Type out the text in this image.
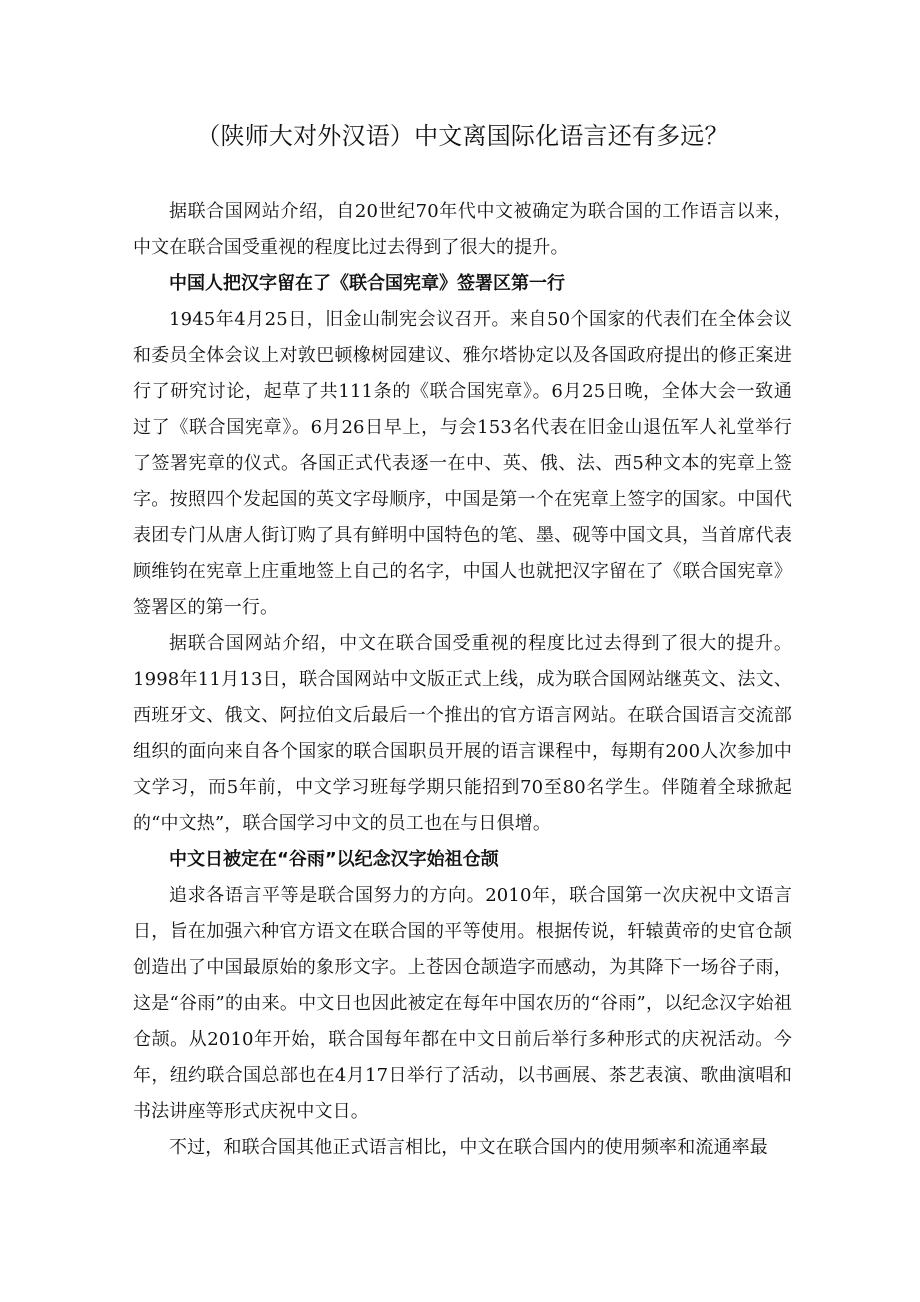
（陕师大对外汉语）中文离国际化语言还有多远？

据联合国网站介绍，自20世纪70年代中文被确定为联合国的工作语言以来，中文在联合国受重视的程度比过去得到了很大的提升。

中国人把汉字留在了《联合国宪章》签署区第一行

1945年4月25日，旧金山制宪会议召开。来自50个国家的代表们在全体会议和委员全体会议上对敦巴顿橡树园建议、雅尔塔协定以及各国政府提出的修正案进行了研究讨论，起草了共111条的《联合国宪章》。6月25日晚，全体大会一致通过了《联合国宪章》。6月26日早上，与会153名代表在旧金山退伍军人礼堂举行了签署宪章的仪式。各国正式代表逐一在中、英、俄、法、西5种文本的宪章上签字。按照四个发起国的英文字母顺序，中国是第一个在宪章上签字的国家。中国代表团专门从唐人街订购了具有鲜明中国特色的笔、墨、砚等中国文具，当首席代表顾维钧在宪章上庄重地签上自己的名字，中国人也就把汉字留在了《联合国宪章》签署区的第一行。

据联合国网站介绍，中文在联合国受重视的程度比过去得到了很大的提升。1998年11月13日，联合国网站中文版正式上线，成为联合国网站继英文、法文、西班牙文、俄文、阿拉伯文后最后一个推出的官方语言网站。在联合国语言交流部组织的面向来自各个国家的联合国职员开展的语言课程中，每期有200人次参加中文学习，而5年前，中文学习班每学期只能招到70至80名学生。伴随着全球掀起的“中文热”，联合国学习中文的员工也在与日俱增。

中文日被定在“谷雨”以纪念汉字始祖仓颉

追求各语言平等是联合国努力的方向。2010年，联合国第一次庆祝中文语言日，旨在加强六种官方语文在联合国的平等使用。根据传说，轩辕黄帝的史官仓颉创造出了中国最原始的象形文字。上苍因仓颉造字而感动，为其降下一场谷子雨，这是“谷雨”的由来。中文日也因此被定在每年中国农历的“谷雨”，以纪念汉字始祖仓颉。从2010年开始，联合国每年都在中文日前后举行多种形式的庆祝活动。今年，纽约联合国总部也在4月17日举行了活动，以书画展、茶艺表演、歌曲演唱和书法讲座等形式庆祝中文日。

不过，和联合国其他正式语言相比，中文在联合国内的使用频率和流通率最
